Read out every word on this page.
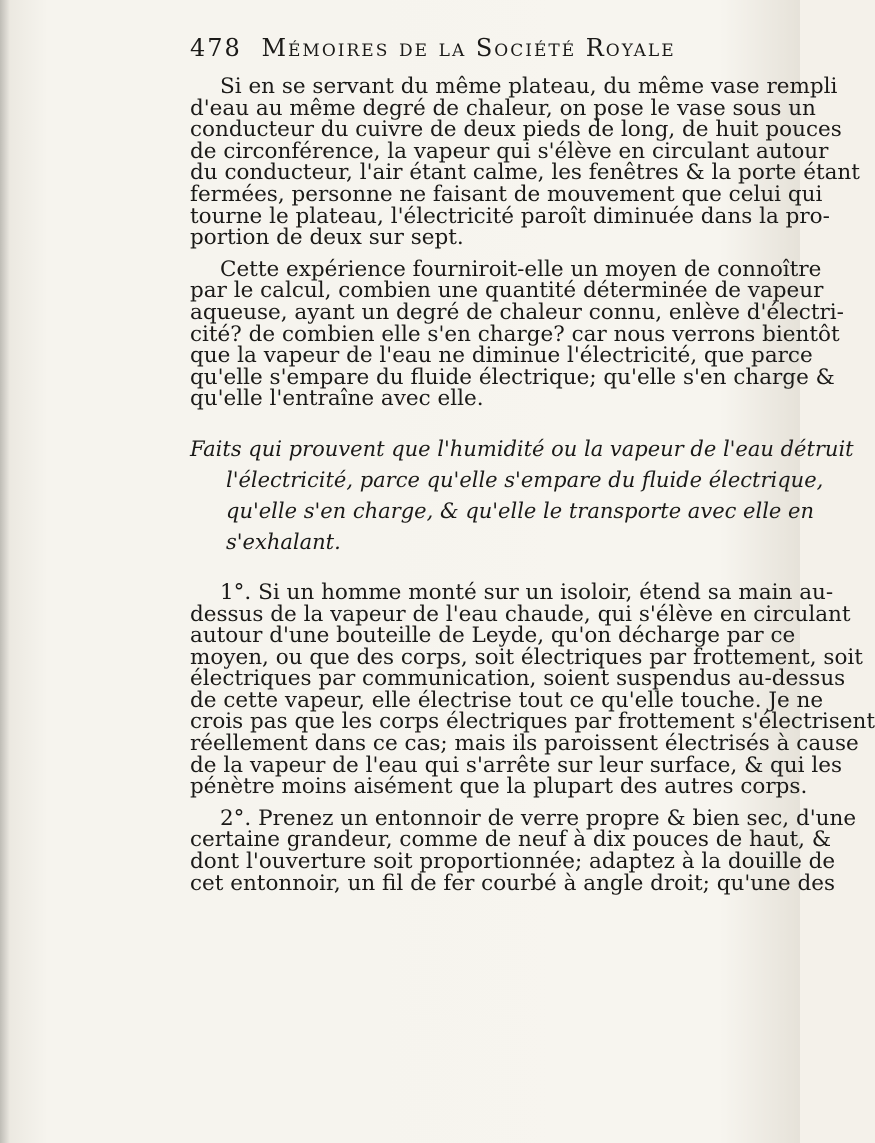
478 Mémoires de la Société Royale
Si en se servant du même plateau, du même vase rempli
d'eau au même degré de chaleur, on pose le vase sous un
conducteur du cuivre de deux pieds de long, de huit pouces
de circonférence, la vapeur qui s'élève en circulant autour
du conducteur, l'air étant calme, les fenêtres & la porte étant
fermées, personne ne faisant de mouvement que celui qui
tourne le plateau, l'électricité paroît diminuée dans la pro-
portion de deux sur sept.
Cette expérience fourniroit-elle un moyen de connoître
par le calcul, combien une quantité déterminée de vapeur
aqueuse, ayant un degré de chaleur connu, enlève d'électri-
cité? de combien elle s'en charge? car nous verrons bientôt
que la vapeur de l'eau ne diminue l'électricité, que parce
qu'elle s'empare du fluide électrique; qu'elle s'en charge &
qu'elle l'entraîne avec elle.
Faits qui prouvent que l'humidité ou la vapeur de l'eau détruit
l'électricité, parce qu'elle s'empare du fluide électrique,
qu'elle s'en charge, & qu'elle le transporte avec elle en
s'exhalant.
1°. Si un homme monté sur un isoloir, étend sa main au-
dessus de la vapeur de l'eau chaude, qui s'élève en circulant
autour d'une bouteille de Leyde, qu'on décharge par ce
moyen, ou que des corps, soit électriques par frottement, soit
électriques par communication, soient suspendus au-dessus
de cette vapeur, elle électrise tout ce qu'elle touche. Je ne
crois pas que les corps électriques par frottement s'électrisent
réellement dans ce cas; mais ils paroissent électrisés à cause
de la vapeur de l'eau qui s'arrête sur leur surface, & qui les
pénètre moins aisément que la plupart des autres corps.
2°. Prenez un entonnoir de verre propre & bien sec, d'une
certaine grandeur, comme de neuf à dix pouces de haut, &
dont l'ouverture soit proportionnée; adaptez à la douille de
cet entonnoir, un fil de fer courbé à angle droit; qu'une des
